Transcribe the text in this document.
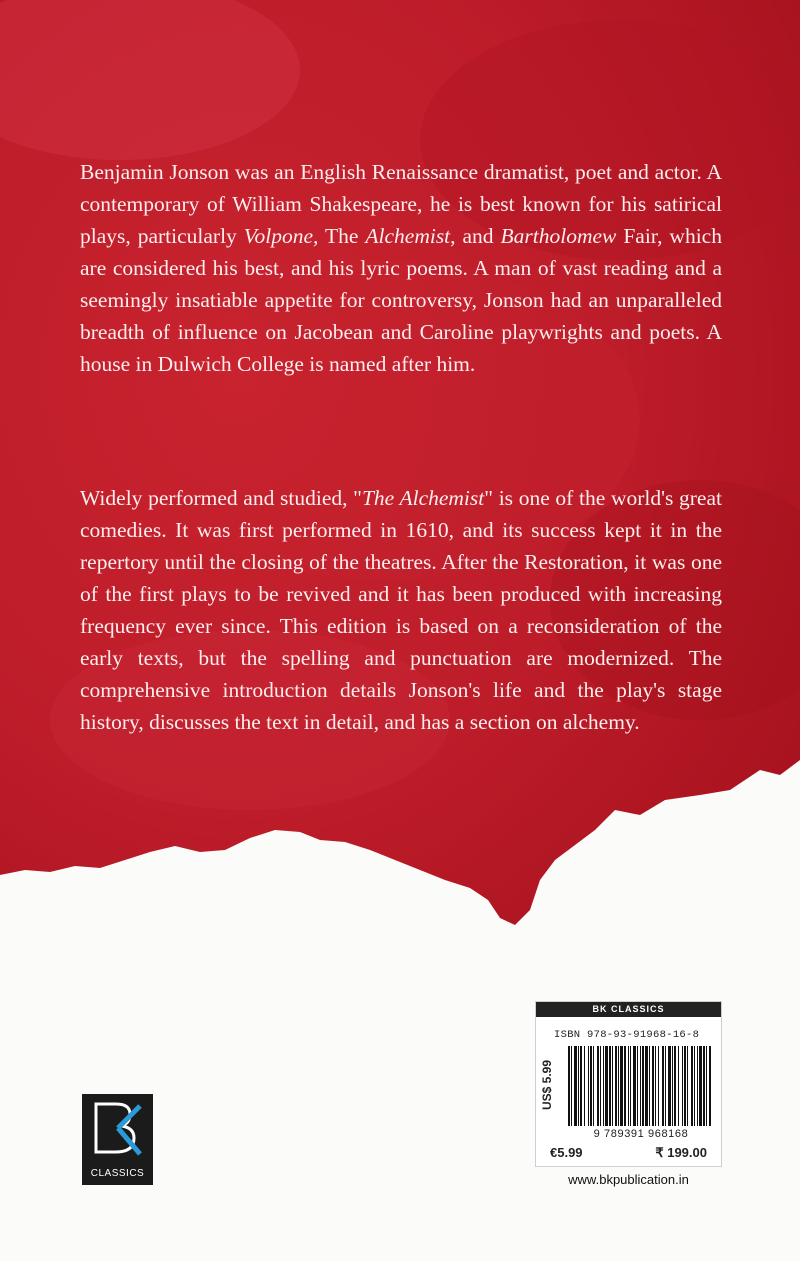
Benjamin Jonson was an English Renaissance dramatist, poet and actor. A contemporary of William Shakespeare, he is best known for his satirical plays, particularly Volpone, The Alchemist, and Bartholomew Fair, which are considered his best, and his lyric poems. A man of vast reading and a seemingly insatiable appetite for controversy, Jonson had an unparalleled breadth of influence on Jacobean and Caroline playwrights and poets. A house in Dulwich College is named after him.

Widely performed and studied, "The Alchemist" is one of the world's great comedies. It was first performed in 1610, and its success kept it in the repertory until the closing of the theatres. After the Restoration, it was one of the first plays to be revived and it has been produced with increasing frequency ever since. This edition is based on a reconsideration of the early texts, but the spelling and punctuation are modernized. The comprehensive introduction details Jonson's life and the play's stage history, discusses the text in detail, and has a section on alchemy.

CLASSICS
BK CLASSICS
ISBN 978-93-91968-16-8
US$ 5.99
9 789391 968168
€5.99	₹ 199.00
www.bkpublication.in
